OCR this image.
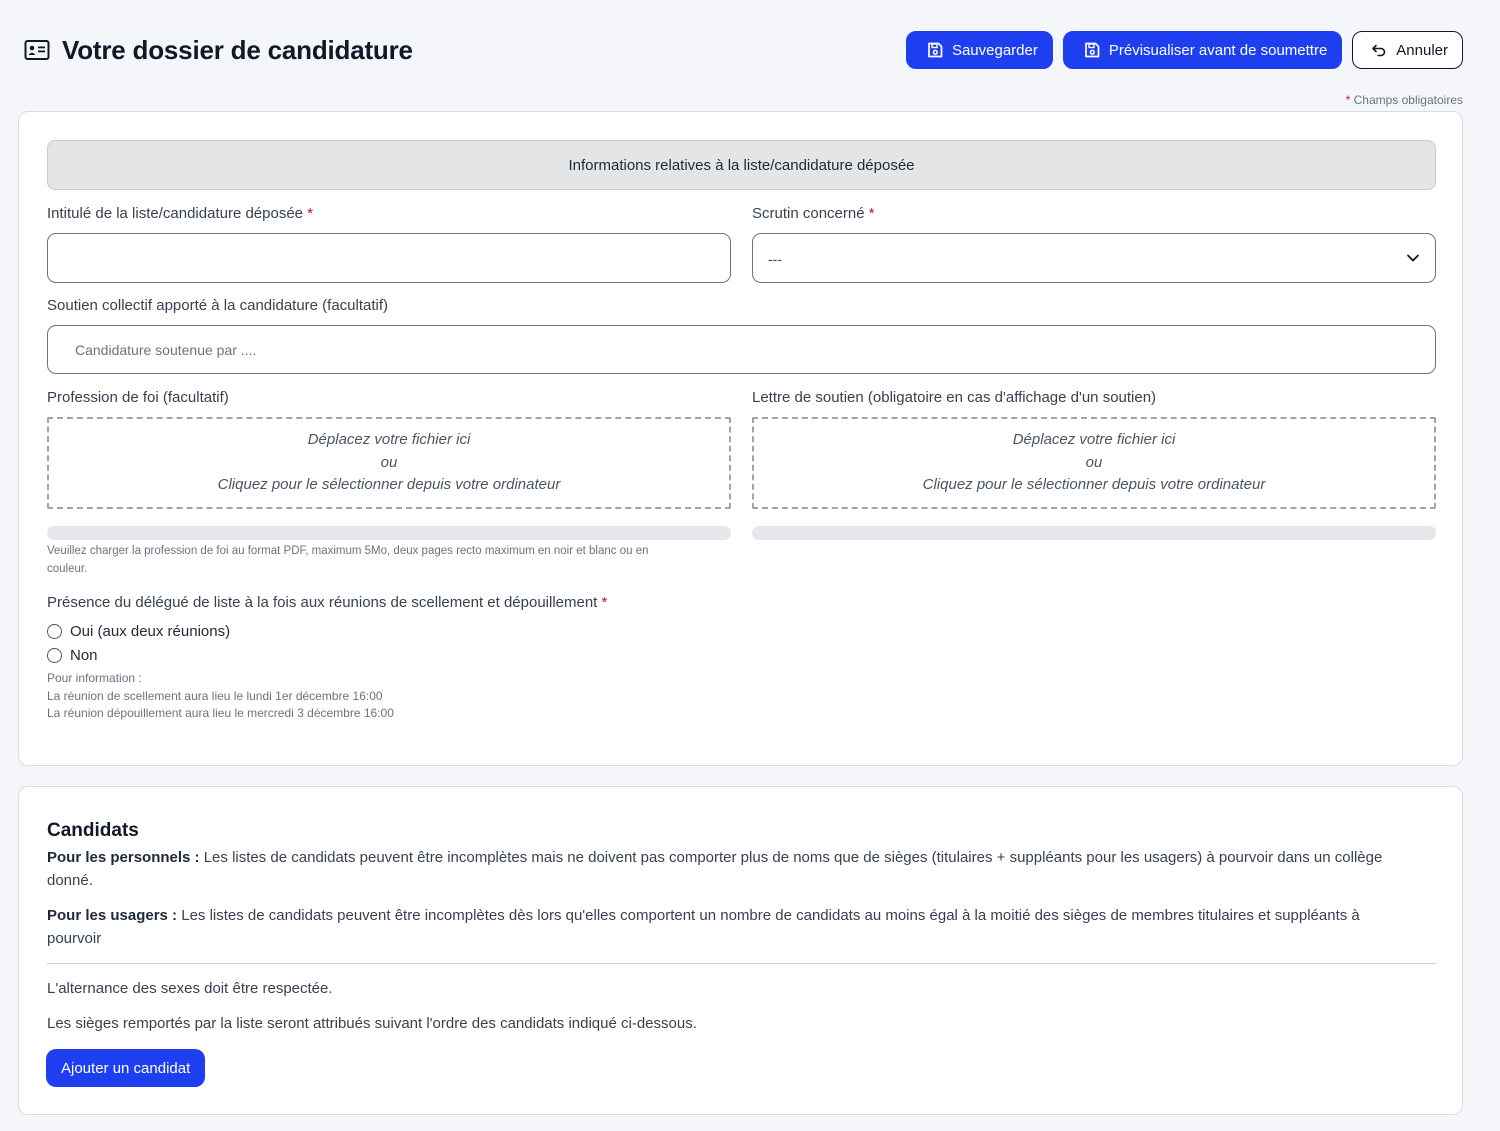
Votre dossier de candidature	Sauvegarder	Prévisualiser avant de soumettre	Annuler
* Champs obligatoires
Informations relatives à la liste/candidature déposée
Intitulé de la liste/candidature déposée *	Scrutin concerné *
---
Soutien collectif apporté à la candidature (facultatif)
Candidature soutenue par ....
Profession de foi (facultatif)
Déplacez votre fichier ici
ou
Cliquez pour le sélectionner depuis votre ordinateur
Lettre de soutien (obligatoire en cas d'affichage d'un soutien)
Déplacez votre fichier ici
ou
Cliquez pour le sélectionner depuis votre ordinateur
Veuillez charger la profession de foi au format PDF, maximum 5Mo, deux pages recto maximum en noir et blanc ou en
couleur.
Présence du délégué de liste à la fois aux réunions de scellement et dépouillement *
Oui (aux deux réunions)
Non
Pour information :
La réunion de scellement aura lieu le lundi 1er décembre 16:00
La réunion dépouillement aura lieu le mercredi 3 décembre 16:00
Candidats

Pour les personnels : Les listes de candidats peuvent être incomplètes mais ne doivent pas comporter plus de noms que de sièges (titulaires + suppléants pour les usagers) à pourvoir dans un collège donné.

Pour les usagers : Les listes de candidats peuvent être incomplètes dès lors qu'elles comportent un nombre de candidats au moins égal à la moitié des sièges de membres titulaires et suppléants à pourvoir

L'alternance des sexes doit être respectée.

Les sièges remportés par la liste seront attribués suivant l'ordre des candidats indiqué ci-dessous.

Ajouter un candidat
